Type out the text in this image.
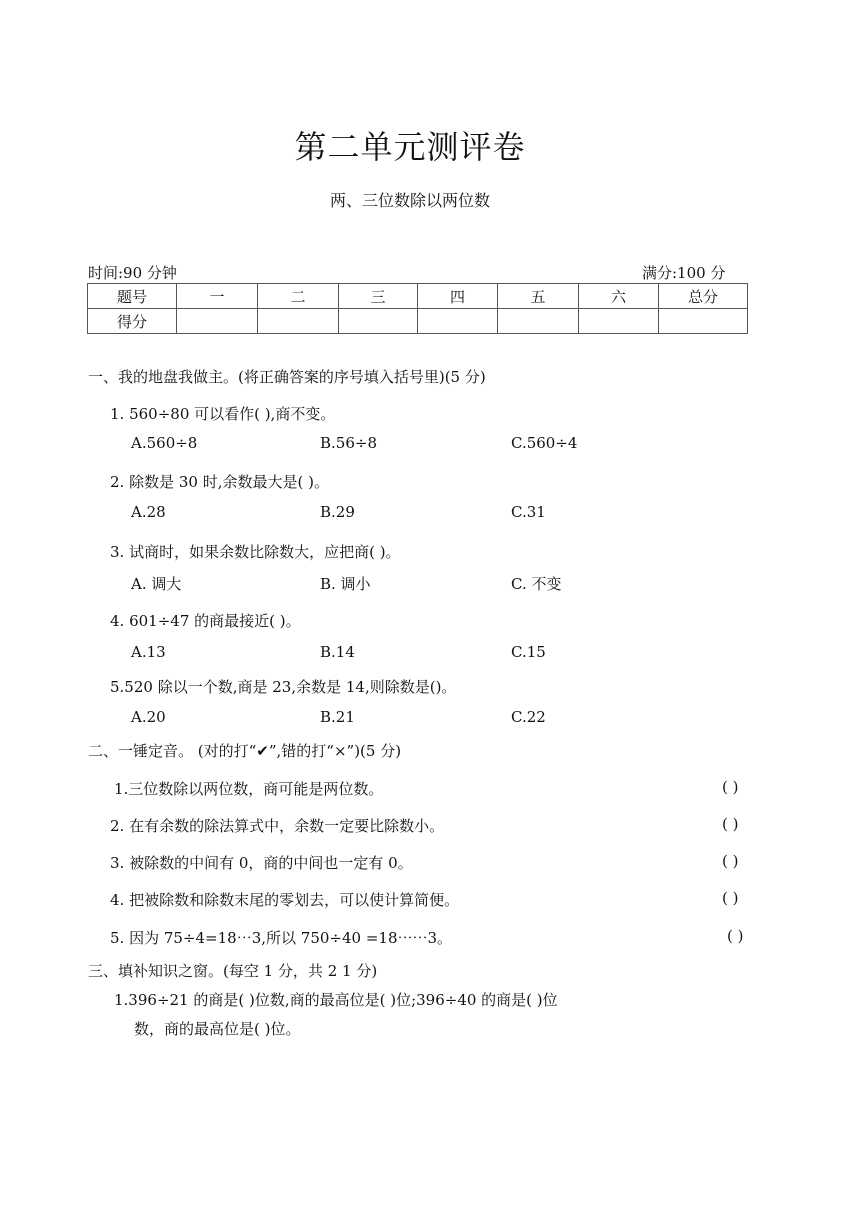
第二单元测评卷
两、三位数除以两位数
时间:90 分钟	满分:100 分
题号	一	二	三	四	五	六	总分
得分							
一、我的地盘我做主。(将正确答案的序号填入括号里)(5 分)
1. 560÷80 可以看作( ),商不变。
A.560÷8	B.56÷8	C.560÷4
2. 除数是 30 时,余数最大是( )。
A.28	B.29	C.31
3. 试商时，如果余数比除数大，应把商( )。
A. 调大	B. 调小	C. 不变
4. 601÷47 的商最接近( )。
A.13	B.14	C.15
5.520 除以一个数,商是 23,余数是 14,则除数是()。
A.20	B.21	C.22
二、一锤定音。 (对的打“✔”,错的打“×”)(5 分)
1.三位数除以两位数，商可能是两位数。	( )
2. 在有余数的除法算式中，余数一定要比除数小。	( )
3. 被除数的中间有 0，商的中间也一定有 0。	( )
4. 把被除数和除数末尾的零划去，可以使计算简便。	( )
5. 因为 75÷4=18⋯3,所以 750÷40 =18⋯⋯3。	( )
三、填补知识之窗。(每空 1 分，共 2 1 分)
1.396÷21 的商是( )位数,商的最高位是( )位;396÷40 的商是( )位
数，商的最高位是( )位。
